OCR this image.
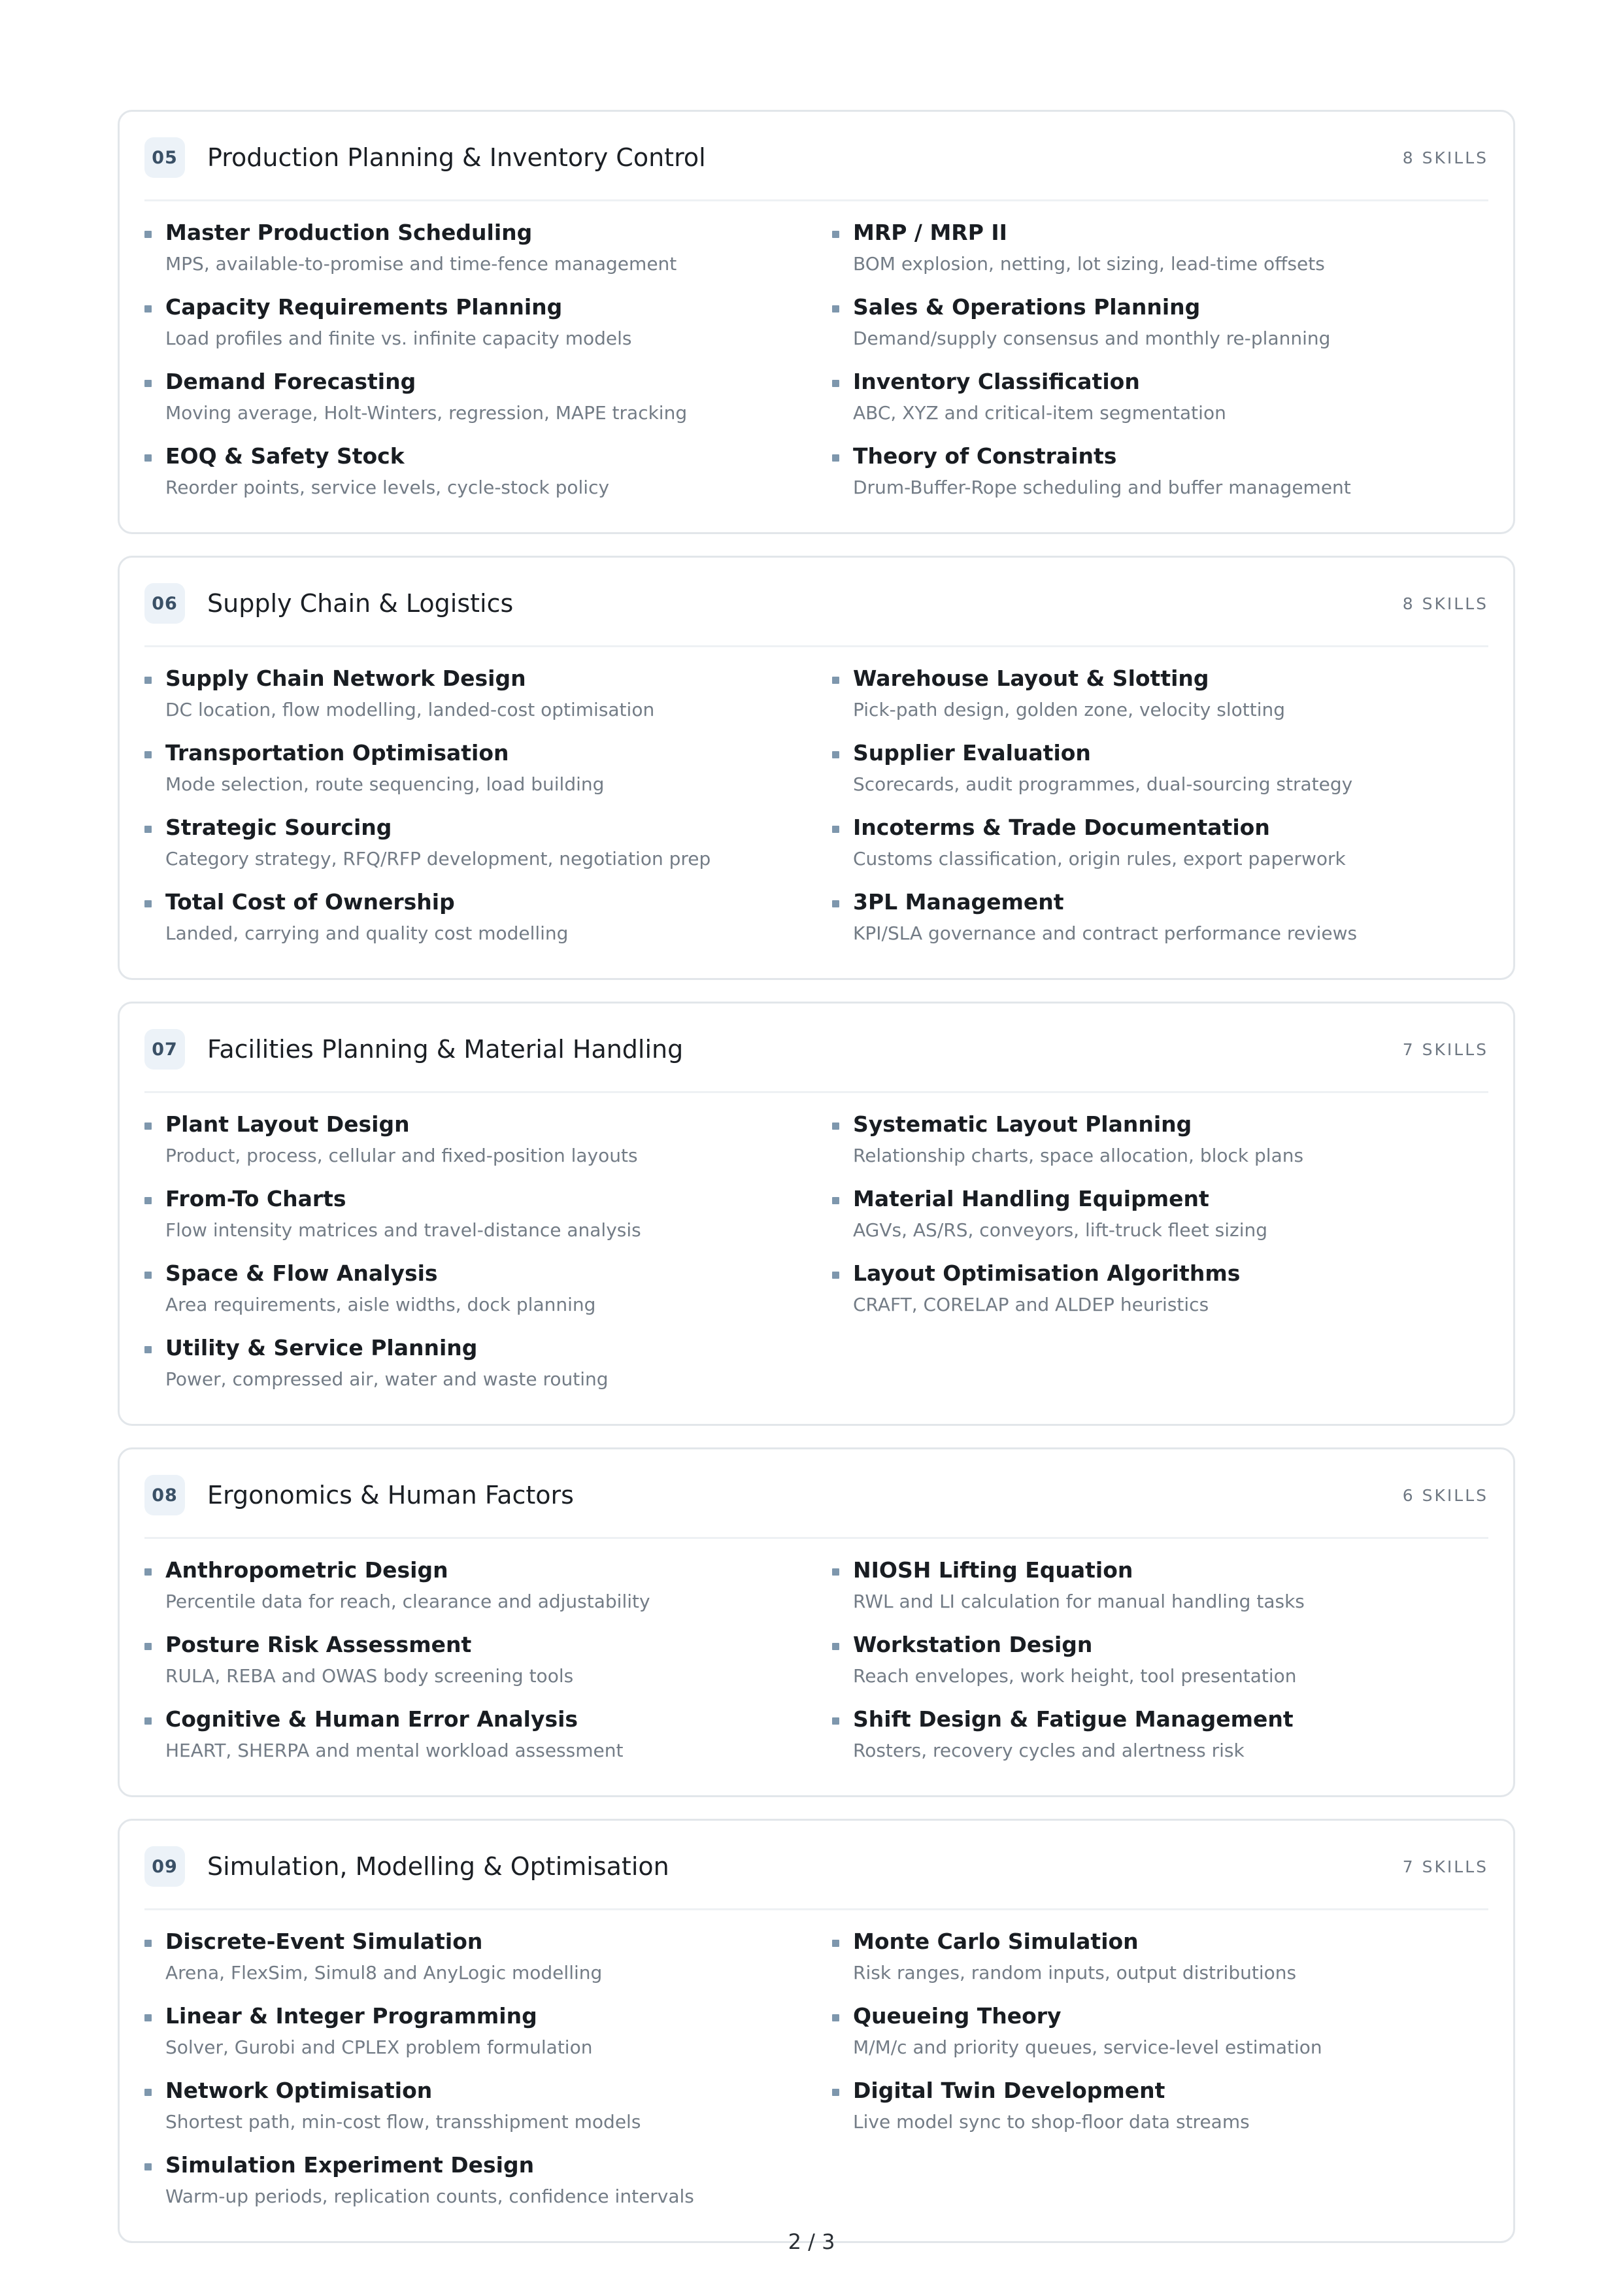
05 Production Planning & Inventory Control	8 SKILLS
Master Production Scheduling
MPS, available-to-promise and time-fence management
MRP / MRP II
BOM explosion, netting, lot sizing, lead-time offsets
Capacity Requirements Planning
Load profiles and finite vs. infinite capacity models
Sales & Operations Planning
Demand/supply consensus and monthly re-planning
Demand Forecasting
Moving average, Holt-Winters, regression, MAPE tracking
Inventory Classification
ABC, XYZ and critical-item segmentation
EOQ & Safety Stock
Reorder points, service levels, cycle-stock policy
Theory of Constraints
Drum-Buffer-Rope scheduling and buffer management
06 Supply Chain & Logistics	8 SKILLS
Supply Chain Network Design
DC location, flow modelling, landed-cost optimisation
Warehouse Layout & Slotting
Pick-path design, golden zone, velocity slotting
Transportation Optimisation
Mode selection, route sequencing, load building
Supplier Evaluation
Scorecards, audit programmes, dual-sourcing strategy
Strategic Sourcing
Category strategy, RFQ/RFP development, negotiation prep
Incoterms & Trade Documentation
Customs classification, origin rules, export paperwork
Total Cost of Ownership
Landed, carrying and quality cost modelling
3PL Management
KPI/SLA governance and contract performance reviews
07 Facilities Planning & Material Handling	7 SKILLS
Plant Layout Design
Product, process, cellular and fixed-position layouts
Systematic Layout Planning
Relationship charts, space allocation, block plans
From-To Charts
Flow intensity matrices and travel-distance analysis
Material Handling Equipment
AGVs, AS/RS, conveyors, lift-truck fleet sizing
Space & Flow Analysis
Area requirements, aisle widths, dock planning
Layout Optimisation Algorithms
CRAFT, CORELAP and ALDEP heuristics
Utility & Service Planning
Power, compressed air, water and waste routing
08 Ergonomics & Human Factors	6 SKILLS
Anthropometric Design
Percentile data for reach, clearance and adjustability
NIOSH Lifting Equation
RWL and LI calculation for manual handling tasks
Posture Risk Assessment
RULA, REBA and OWAS body screening tools
Workstation Design
Reach envelopes, work height, tool presentation
Cognitive & Human Error Analysis
HEART, SHERPA and mental workload assessment
Shift Design & Fatigue Management
Rosters, recovery cycles and alertness risk
09 Simulation, Modelling & Optimisation	7 SKILLS
Discrete-Event Simulation
Arena, FlexSim, Simul8 and AnyLogic modelling
Monte Carlo Simulation
Risk ranges, random inputs, output distributions
Linear & Integer Programming
Solver, Gurobi and CPLEX problem formulation
Queueing Theory
M/M/c and priority queues, service-level estimation
Network Optimisation
Shortest path, min-cost flow, transshipment models
Digital Twin Development
Live model sync to shop-floor data streams
Simulation Experiment Design
Warm-up periods, replication counts, confidence intervals
2 / 3
